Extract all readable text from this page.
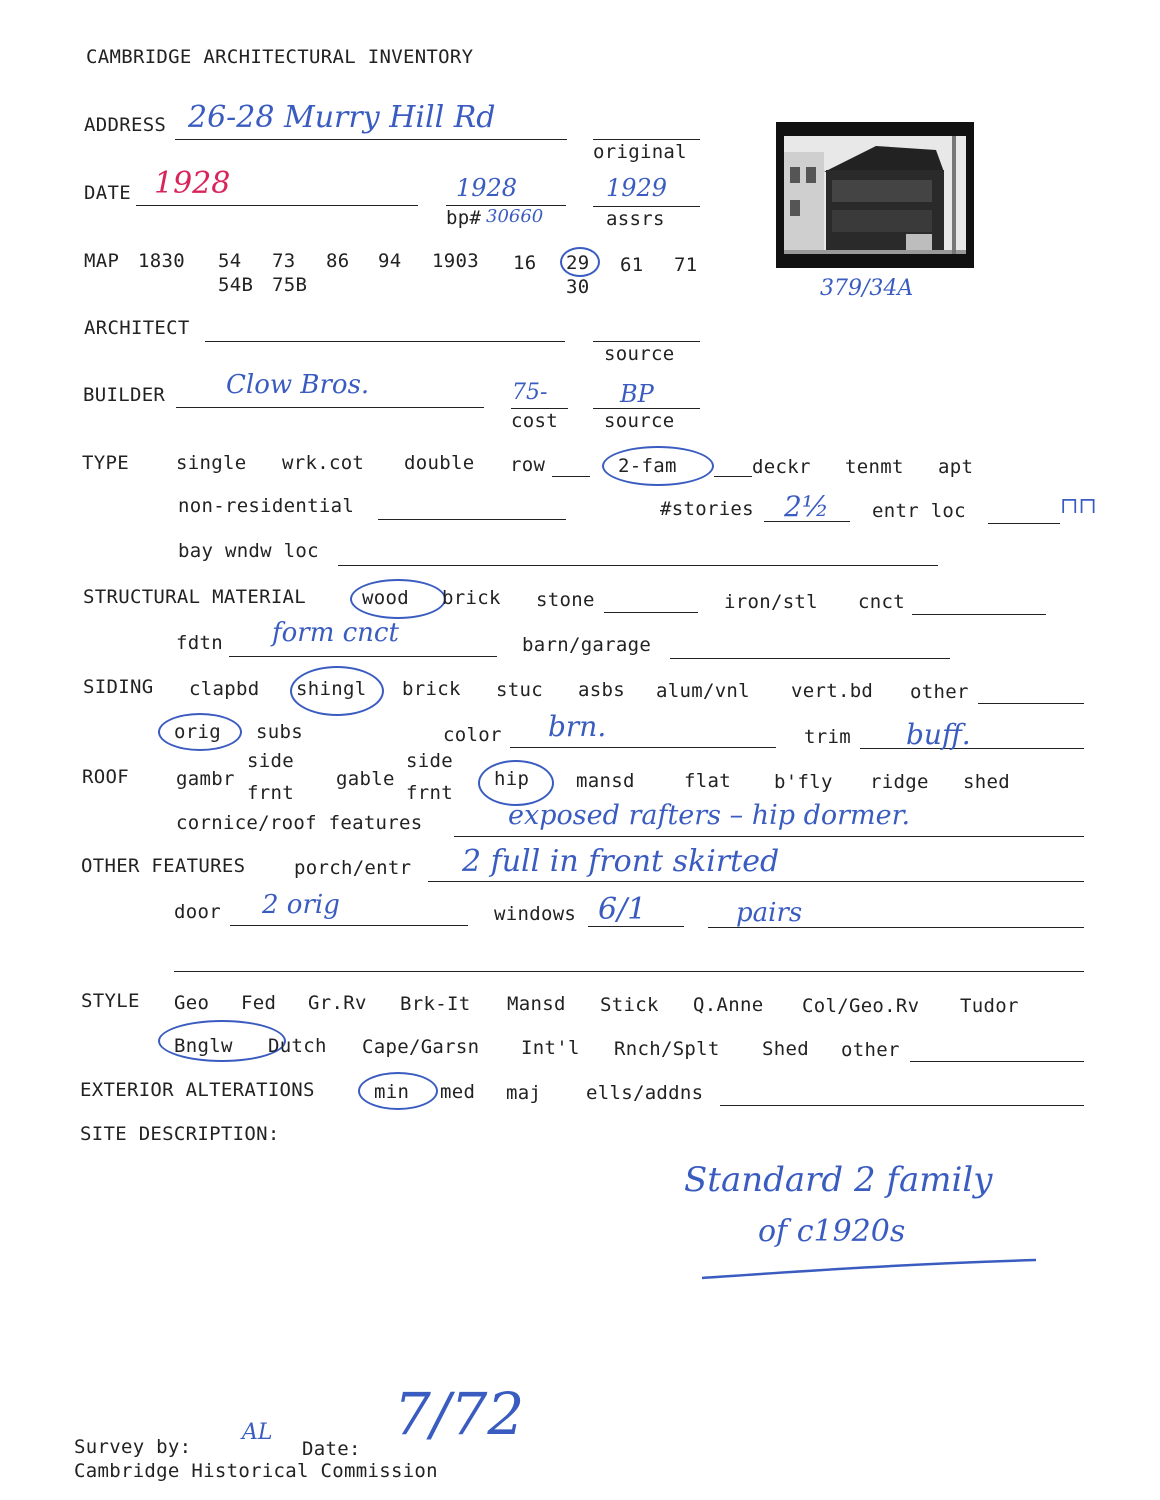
CAMBRIDGE ARCHITECTURAL INVENTORY
ADDRESS 26-28 Murry Hill Rd
original
379/34A
DATE 1928	1928
bp# 30660
1929
assrs
MAP 1830 54 73 86 94 1903 16 29 61 71
54B 75B	30
ARCHITECT
source
BUILDER Clow Bros.	75-
cost
BP
source
TYPE single wrk.cot double row	2-fam	deckr tenmt apt
non-residential	#stories 2½ entr loc	⊓⊓
bay wndw loc
STRUCTURAL MATERIAL	wood brick stone	iron/stl cnct
fdtn form cnct	barn/garage
SIDING clapbd shingl brick stuc asbs alum/vnl vert.bd other
orig subs	color brn.	trim buff.
ROOF gambr
side
frnt
gable
side
frnt
hip mansd	flat b'fly ridge shed
cornice/roof features	exposed rafters – hip dormer.
OTHER FEATURES	porch/entr 2 full in front skirted
door 2 orig	windows 6/1	pairs
STYLE Geo Fed Gr.Rv Brk-It Mansd Stick Q.Anne Col/Geo.Rv Tudor
Bnglw Dutch Cape/Garsn Int'l Rnch/Splt Shed other
EXTERIOR ALTERATIONS	min med maj ells/addns
SITE DESCRIPTION:
Standard 2 family
of c1920s
Survey by:
AL
Date:
7/72
Cambridge Historical Commission
